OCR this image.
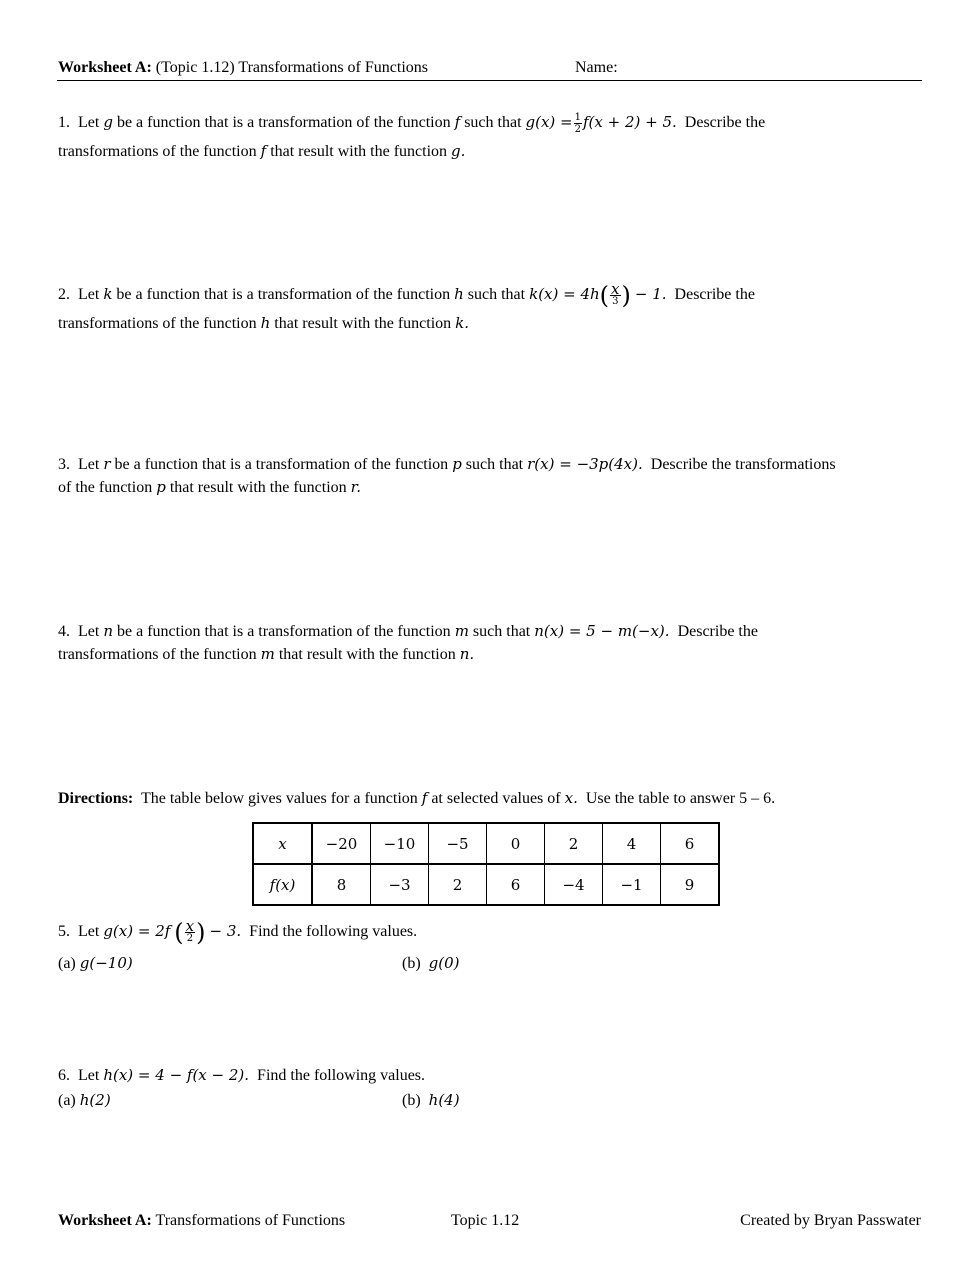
Worksheet A: (Topic 1.12) Transformations of Functions	Name:
1. Let g be a function that is a transformation of the function f such that $g(x) = \frac{1}{2} f(x + 2) + 5$. Describe the
transformations of the function f that result with the function g.
2. Let k be a function that is a transformation of the function h such that $k(x) = 4h( \frac{x}{3}$ ) − 1. Describe the
transformations of the function h that result with the function k.
3. Let r be a function that is a transformation of the function p such that r(x) = −3p(4x). Describe the transformations
of the function p that result with the function r.
4. Let n be a function that is a transformation of the function m such that n(x) = 5 − m(−x). Describe the
transformations of the function m that result with the function n.
Directions: The table below gives values for a function f at selected values of x. Use the table to answer 5 – 6.
x	−20	−10	−5	0	2	4	6
f(x)	8	−3	2	6	−4	−1	9
5. Let g(x) = 2f ( $\frac{x}{2}$ ) − 3. Find the following values.
(a) g(−10)	(b) g(0)
6. Let h(x) = 4 − f(x − 2). Find the following values.
(a) h(2)	(b) h(4)
Worksheet A: Transformations of Functions	Topic 1.12	Created by Bryan Passwater
